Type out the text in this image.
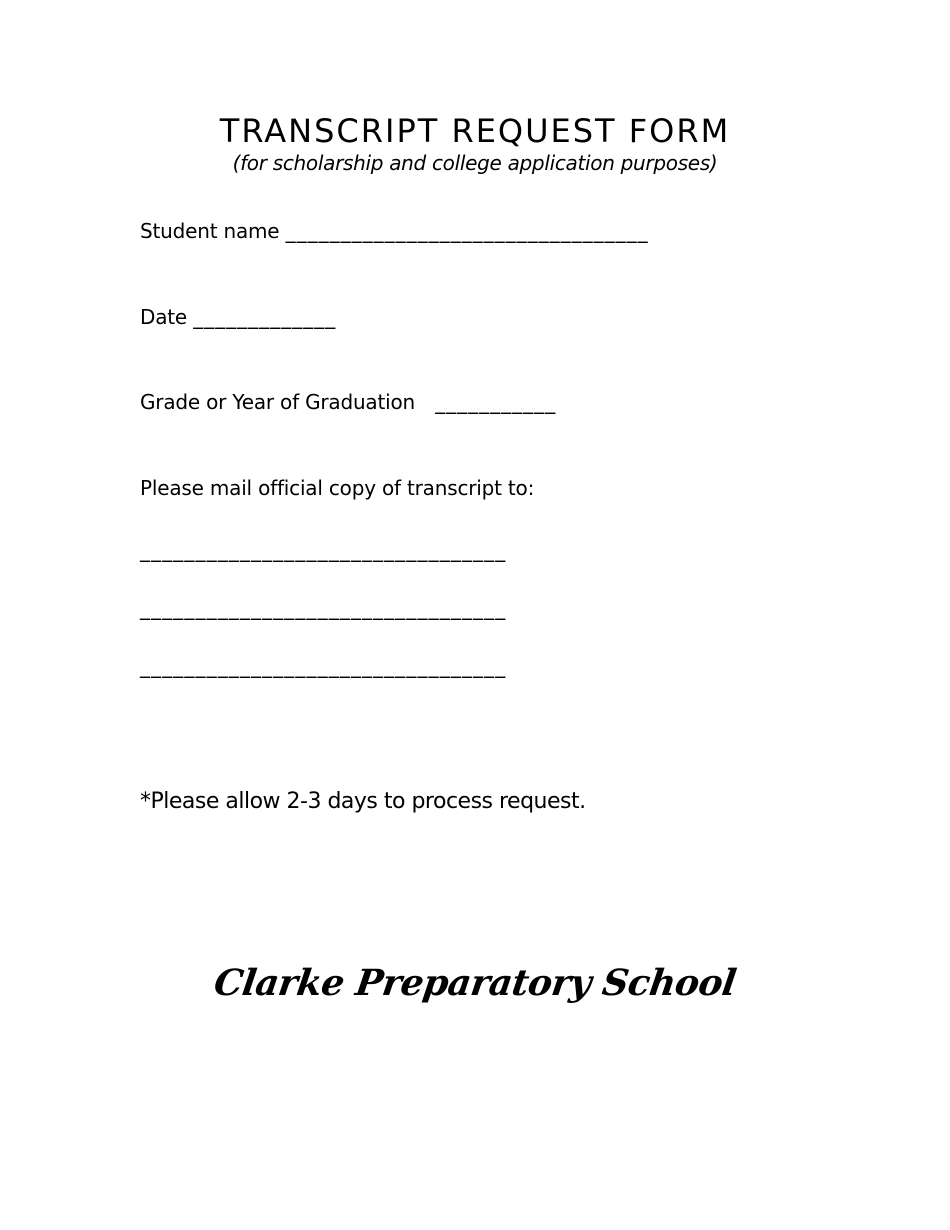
TRANSCRIPT REQUEST FORM
(for scholarship and college application purposes)
Student name _________________________________
Date _____________
Grade or Year of Graduation ___________
Please mail official copy of transcript to:
_________________________________
_________________________________
_________________________________
*Please allow 2-3 days to process request.
Clarke Preparatory School
